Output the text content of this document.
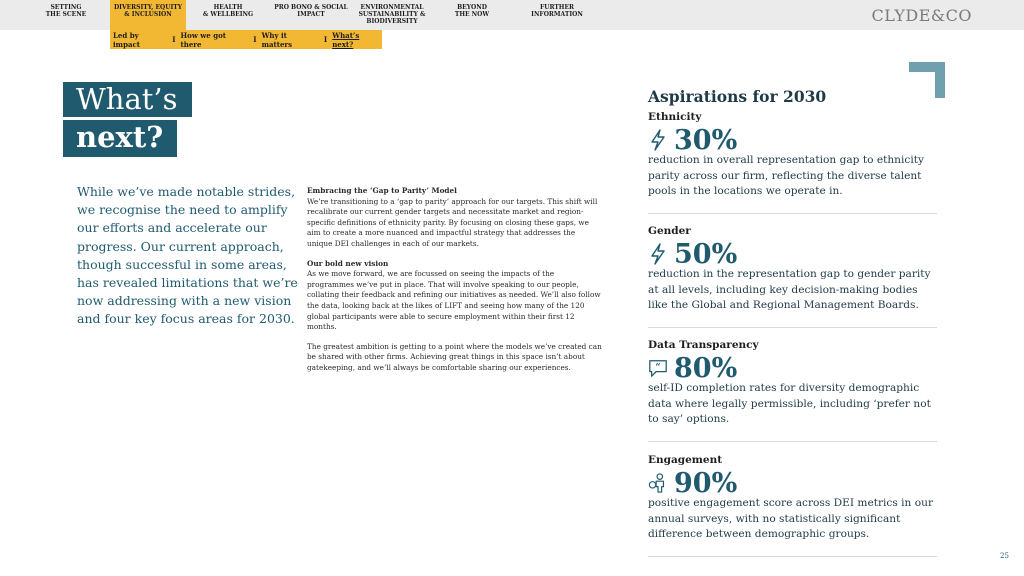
SETTING
THE SCENE
DIVERSITY, EQUITY
& INCLUSION
HEALTH
& WELLBEING
PRO BONO & SOCIAL
IMPACT
ENVIRONMENTAL
SUSTAINABILITY &
BIODIVERSITY
BEYOND
THE NOW
FURTHER
INFORMATION	CLYDE&CO
Led by impact	I How we got there	I Why it matters	I What’s next?
What’s
next?
While we’ve made notable strides, we recognise the need to amplify our efforts and accelerate our progress. Our current approach, though successful in some areas, has revealed limitations that we’re now addressing with a new vision and four key focus areas for 2030.
Embracing the ‘Gap to Parity’ Model

We’re transitioning to a ‘gap to parity’ approach for our targets. This shift will recalibrate our current gender targets and necessitate market and region-specific definitions of ethnicity parity. By focusing on closing these gaps, we aim to create a more nuanced and impactful strategy that addresses the unique DEI challenges in each of our markets.

Our bold new vision

As we move forward, we are focussed on seeing the impacts of the programmes we’ve put in place. That will involve speaking to our people, collating their feedback and refining our initiatives as needed. We’ll also follow the data, looking back at the likes of LIFT and seeing how many of the 120 global participants were able to secure employment within their first 12 months.

The greatest ambition is getting to a point where the models we’ve created can be shared with other firms. Achieving great things in this space isn’t about gatekeeping, and we’ll always be comfortable sharing our experiences.

Aspirations for 2030
Ethnicity
30%
reduction in overall representation gap to ethnicity parity across our firm, reflecting the diverse talent pools in the locations we operate in.
Gender
50%
reduction in the representation gap to gender parity at all levels, including key decision-making bodies like the Global and Regional Management Boards.
Data Transparency
“ 80%
self-ID completion rates for diversity demographic data where legally permissible, including ‘prefer not to say’ options.
Engagement
90%
positive engagement score across DEI metrics in our annual surveys, with no statistically significant difference between demographic groups.
25
